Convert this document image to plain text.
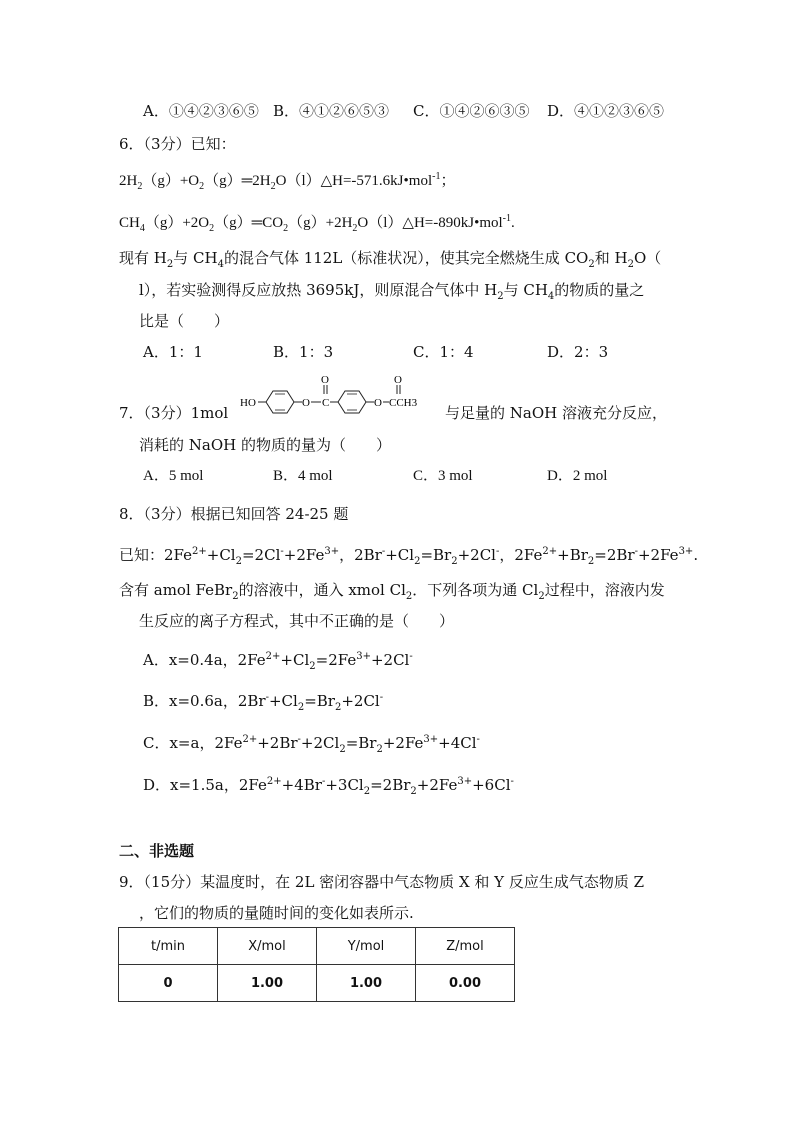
A．①④②③⑥⑤ B．④①②⑥⑤③ C．①④②⑥③⑤ D．④①②③⑥⑤
6．（3分）已知：
$2H_2(g)+O_2(g)═2H_2O(l)\triangle H=-571.6kJ•mol^{-1}$；
$CH_4(g)+2O_2(g)═CO_2(g)+2H_2O(l)\triangle H=-890kJ•mol^{-1}$.
现有 $H_2$与 $CH_4$的混合气体 112L（标准状况），使其完全燃烧生成 $CO_2$和 $H_2O$（
l），若实验测得反应放热 3695kJ，则原混合气体中 $H_2$与 $CH_4$的物质的量之
比是（　　）
A．1：1	B．1：3	C．1：4	D．2：3
7．（3分）1mol
HO	O C
O
O CCH3
O
与足量的 NaOH 溶液充分反应，
消耗的 NaOH 的物质的量为（　　）
A．5 mol	B．4 mol	C．3 mol	D．2 mol
8．（3分）根据已知回答 24-25 题
已知：$2Fe^{2+}+Cl_2=2Cl^-+2Fe^{3+}$，$2Br^-+Cl_2=Br_2+2Cl^-$，$2Fe^{2+}+Br_2=2Br^-+2Fe^{3+}$.
含有 amol FeBr$_2$的溶液中，通入 xmol $Cl_2$．下列各项为通 $Cl_2$过程中，溶液内发
生反应的离子方程式，其中不正确的是（　　）
A．x=0.4a，$2Fe^{2+}+Cl_2=2Fe^{3+}+2Cl^-$
B．x=0.6a，$2Br^-+Cl_2=Br_2+2Cl^-$
C．x=a，$2Fe^{2+}+2Br^-+2Cl_2=Br_2+2Fe^{3+}+4Cl^-$
D．x=1.5a，$2Fe^{2+}+4Br^-+3Cl_2=2Br_2+2Fe^{3+}+6Cl^-$
二、非选题
9．（15分）某温度时，在 2L 密闭容器中气态物质 X 和 Y 反应生成气态物质 Z
，它们的物质的量随时间的变化如表所示.
t/min	X/mol	Y/mol	Z/mol
0	1.00	1.00	0.00
